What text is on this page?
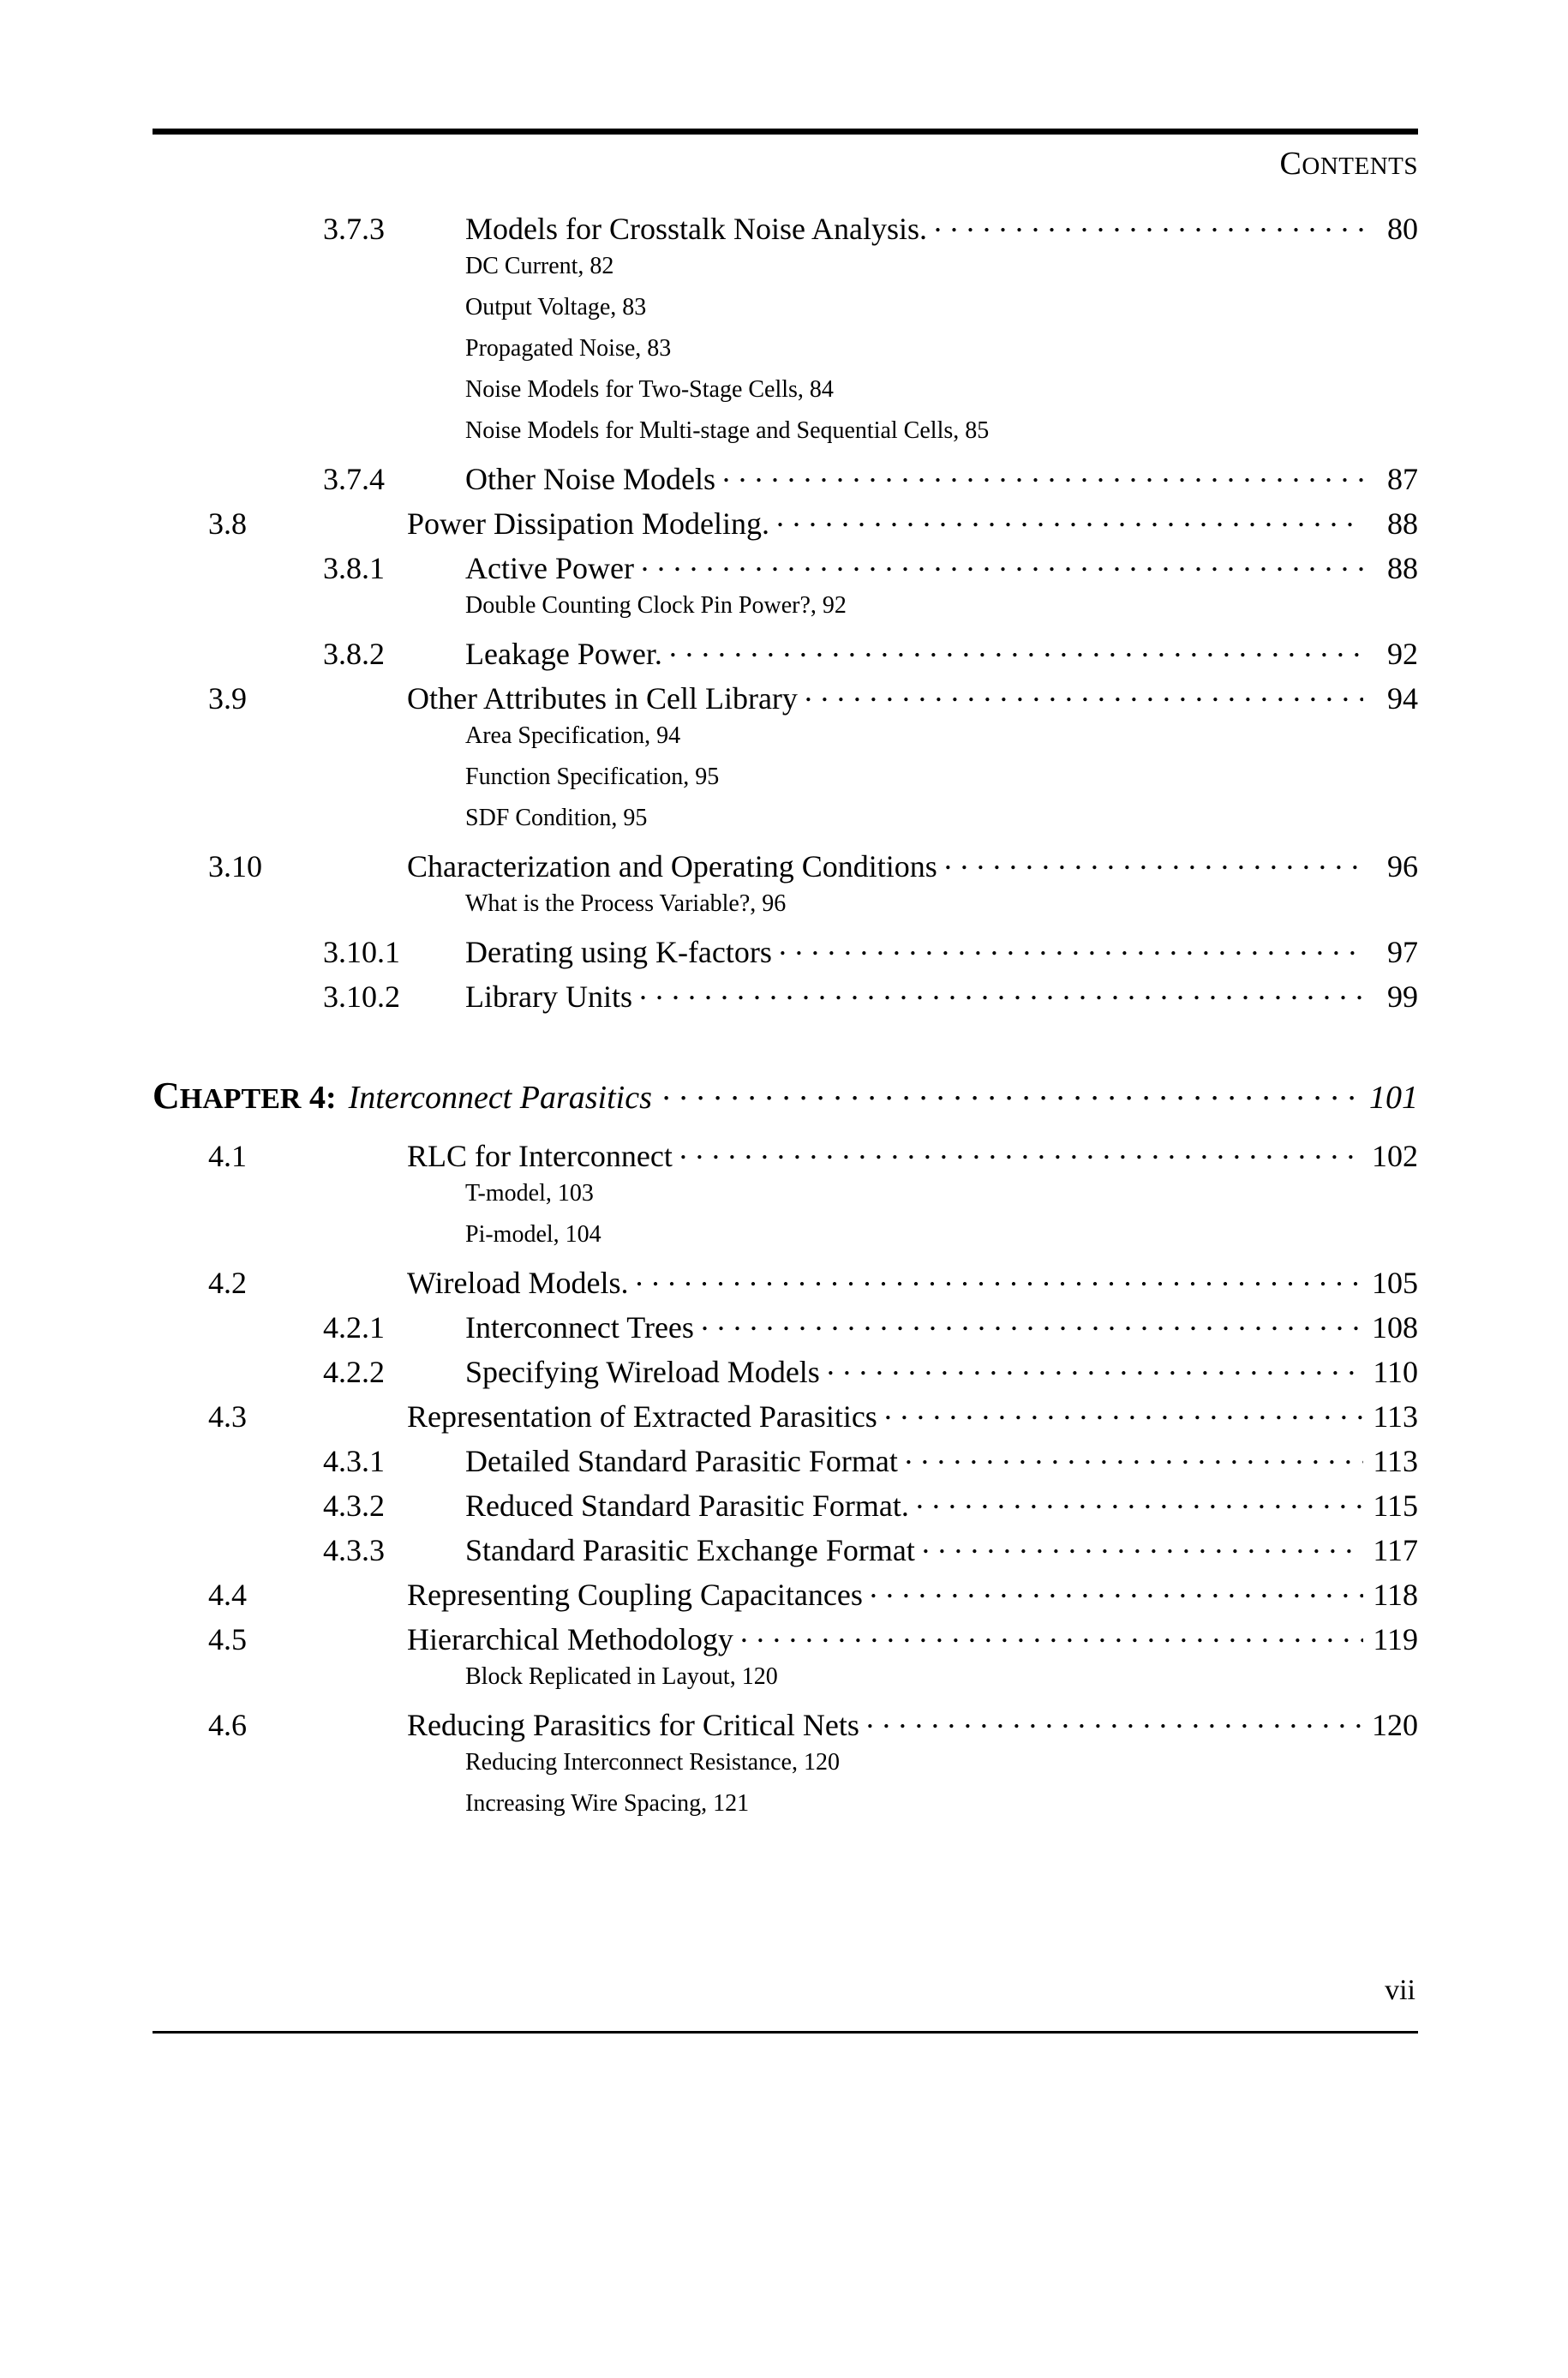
CONTENTS
3.7.3	Models for Crosstalk Noise Analysis. . . .	80
DC Current, 82
Output Voltage, 83
Propagated Noise, 83
Noise Models for Two-Stage Cells, 84
Noise Models for Multi-stage and Sequential Cells, 85
3.7.4	Other Noise Models . . .	87
3.8	Power Dissipation Modeling. . . .	88
3.8.1	Active Power . . .	88
Double Counting Clock Pin Power?, 92
3.8.2	Leakage Power. . . .	92
3.9	Other Attributes in Cell Library . . .	94
Area Specification, 94
Function Specification, 95
SDF Condition, 95
3.10	Characterization and Operating Conditions . . .	96
What is the Process Variable?, 96
3.10.1	Derating using K-factors . . .	97
3.10.2	Library Units . . .	99
CHAPTER 4: Interconnect Parasitics . . .	101
4.1	RLC for Interconnect . . .	102
T-model, 103
Pi-model, 104
4.2	Wireload Models. . . .	105
4.2.1	Interconnect Trees . . .	108
4.2.2	Specifying Wireload Models . . .	110
4.3	Representation of Extracted Parasitics . . .	113
4.3.1	Detailed Standard Parasitic Format . . .	113
4.3.2	Reduced Standard Parasitic Format. . . .	115
4.3.3	Standard Parasitic Exchange Format . . .	117
4.4	Representing Coupling Capacitances . . .	118
4.5	Hierarchical Methodology . . .	119
Block Replicated in Layout, 120
4.6	Reducing Parasitics for Critical Nets . . .	120
Reducing Interconnect Resistance, 120
Increasing Wire Spacing, 121
vii
